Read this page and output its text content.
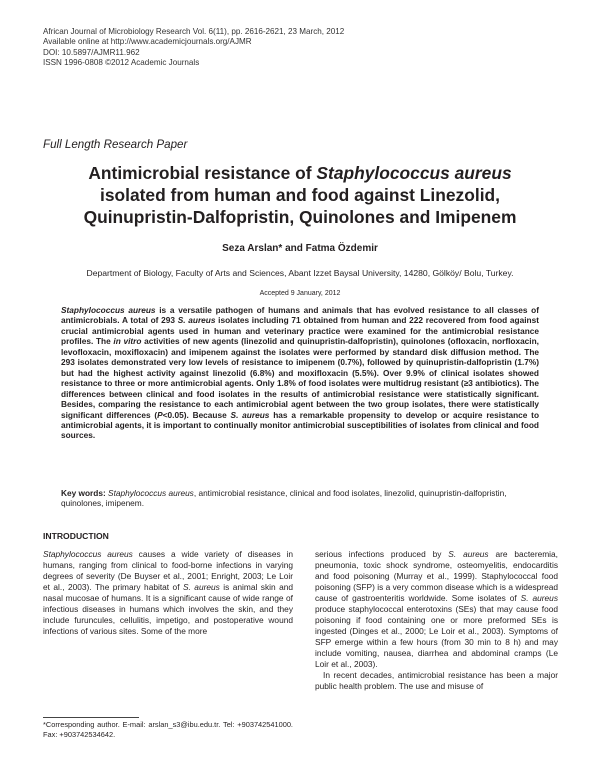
African Journal of Microbiology Research Vol. 6(11), pp. 2616-2621, 23 March, 2012
Available online at http://www.academicjournals.org/AJMR
DOI: 10.5897/AJMR11.962
ISSN 1996-0808 ©2012 Academic Journals
Full Length Research Paper
Antimicrobial resistance of Staphylococcus aureus
isolated from human and food against Linezolid,
Quinupristin-Dalfopristin, Quinolones and Imipenem
Seza Arslan* and Fatma Özdemir
Department of Biology, Faculty of Arts and Sciences, Abant Izzet Baysal University, 14280, Gölköy/ Bolu, Turkey.
Accepted 9 January, 2012
Staphylococcus aureus is a versatile pathogen of humans and animals that has evolved resistance to all classes of antimicrobials. A total of 293 S. aureus isolates including 71 obtained from human and 222 recovered from food against crucial antimicrobial agents used in human and veterinary practice were examined for the antimicrobial resistance profiles. The in vitro activities of new agents (linezolid and quinupristin-dalfopristin), quinolones (ofloxacin, norfloxacin, levofloxacin, moxifloxacin) and imipenem against the isolates were performed by standard disk diffusion method. The 293 isolates demonstrated very low levels of resistance to imipenem (0.7%), followed by quinupristin-dalfopristin (1.7%) but had the highest activity against linezolid (6.8%) and moxifloxacin (5.5%). Over 9.9% of clinical isolates showed resistance to three or more antimicrobial agents. Only 1.8% of food isolates were multidrug resistant (≥3 antibiotics). The differences between clinical and food isolates in the results of antimicrobial resistance were statistically significant. Besides, comparing the resistance to each antimicrobial agent between the two group isolates, there were statistically significant differences (P<0.05). Because S. aureus has a remarkable propensity to develop or acquire resistance to antimicrobial agents, it is important to continually monitor antimicrobial susceptibilities of isolates from clinical and food sources.
Key words: Staphylococcus aureus, antimicrobial resistance, clinical and food isolates, linezolid, quinupristin-dalfopristin, quinolones, imipenem.
INTRODUCTION
Staphylococcus aureus causes a wide variety of diseases in humans, ranging from clinical to food-borne infections in varying degrees of severity (De Buyser et al., 2001; Enright, 2003; Le Loir et al., 2003). The primary habitat of S. aureus is animal skin and nasal mucosae of humans. It is a significant cause of wide range of infectious diseases in humans which involves the skin, and they include furuncules, cellulitis, impetigo, and postoperative wound infections of various sites. Some of the more
serious infections produced by S. aureus are bacteremia, pneumonia, toxic shock syndrome, osteomyelitis, endocarditis and food poisoning (Murray et al., 1999). Staphylococcal food poisoning (SFP) is a very common disease which is a widespread cause of gastroenteritis worldwide. Some isolates of S. aureus produce staphylococcal enterotoxins (SEs) that may cause food poisoning if food containing one or more preformed SEs is ingested (Dinges et al., 2000; Le Loir et al., 2003). Symptoms of SFP emerge within a few hours (from 30 min to 8 h) and may include vomiting, nausea, diarrhea and abdominal cramps (Le Loir et al., 2003).
In recent decades, antimicrobial resistance has been a major public health problem. The use and misuse of
*Corresponding author. E-mail: arslan_s3@ibu.edu.tr. Tel: +903742541000. Fax: +903742534642.
